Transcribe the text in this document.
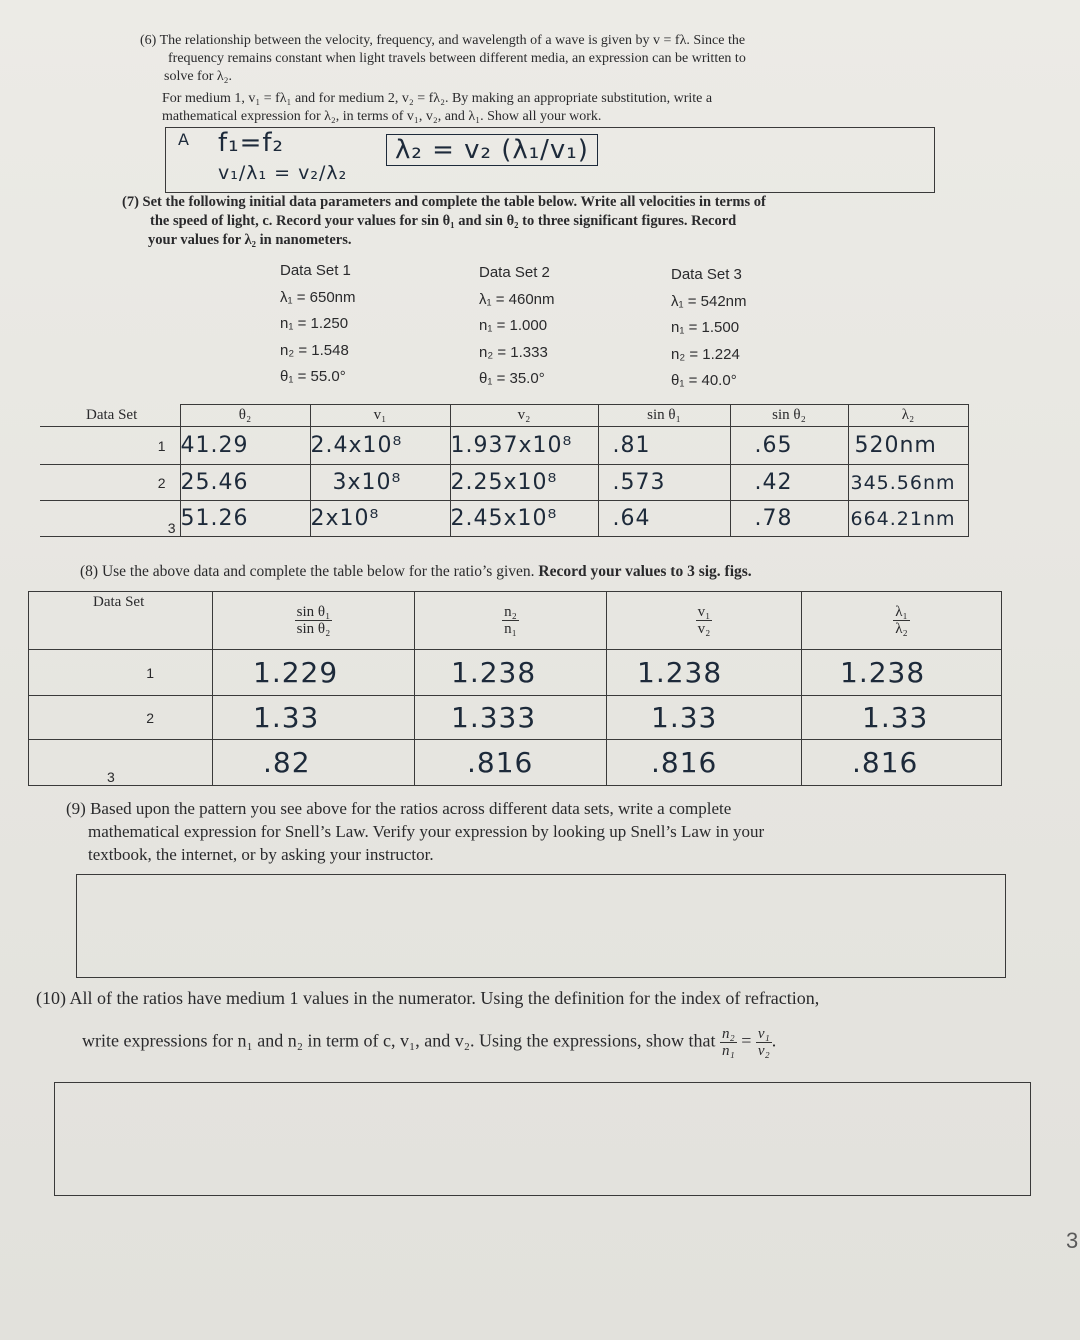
(6) The relationship between the velocity, frequency, and wavelength of a wave is given by v = fλ. Since the

frequency remains constant when light travels between different media, an expression can be written to

solve for λ₂.

For medium 1, v₁ = fλ₁ and for medium 2, v₂ = fλ₂. By making an appropriate substitution, write a

mathematical expression for λ₂, in terms of v₁, v₂, and λ₁. Show all your work.

A f₁=f₂
v₁/λ₁ = v₂/λ₂
λ₂ = v₂ (λ₁/v₁)

(7) Set the following initial data parameters and complete the table below. Write all velocities in terms of

the speed of light, c. Record your values for sin θ₁ and sin θ₂ to three significant figures. Record

your values for λ₂ in nanometers.

Data Set 1
λ₁ = 650nm
n₁ = 1.250
n₂ = 1.548
θ₁ = 55.0°
Data Set 2
λ₁ = 460nm
n₁ = 1.000
n₂ = 1.333
θ₁ = 35.0°
Data Set 3
λ₁ = 542nm
n₁ = 1.500
n₂ = 1.224
θ₁ = 40.0°
Data Set	θ₂	v₁	v₂	sin θ₁	sin θ₂	λ₂
1	41.29	2.4x10⁸	1.937x10⁸	.81	.65	520nm
2	25.46	3x10⁸	2.25x10⁸	.573	.42	345.56nm
3	51.26	2x10⁸	2.45x10⁸	.64	.78	664.21nm

(8) Use the above data and complete the table below for the ratio’s given. Record your values to 3 sig. figs.

Data Set	$\frac{\text{sin θ₁}}{\text{sin θ₂}}$	$\frac{\text{n₂}}{\text{n₁}}$	$\frac{\text{v₁}}{\text{v₂}}$	$\frac{\text{λ₁}}{\text{λ₂}}$

1	1.229	1.238	1.238	1.238
2	1.33	1.333	1.33	1.33
3	.82	.816	.816	.816

(9) Based upon the pattern you see above for the ratios across different data sets, write a complete

mathematical expression for Snell’s Law. Verify your expression by looking up Snell’s Law in your

textbook, the internet, or by asking your instructor.

(10) All of the ratios have medium 1 values in the numerator. Using the definition for the index of refraction,

write expressions for n₁ and n₂ in term of c, v₁, and v₂. Using the expressions, show that $\frac{\text{n₂}}{\text{n₁}} = \frac{\text{v₁}}{\text{v₂}}$ .
3
